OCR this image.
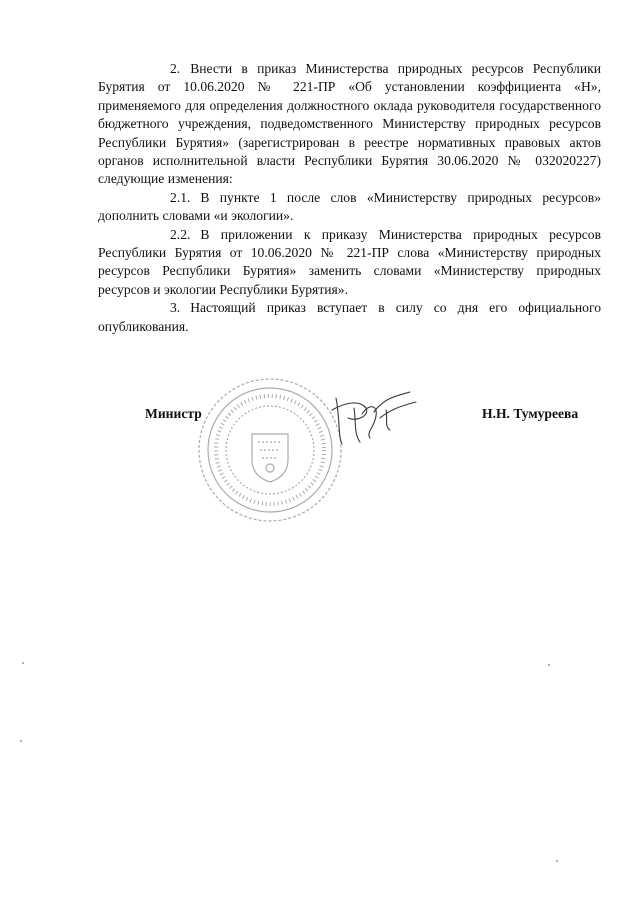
2. Внести в приказ Министерства природных ресурсов Республики Бурятия от 10.06.2020 № 221-ПР «Об установлении коэффициента «Н», применяемого для определения должностного оклада руководителя государственного бюджетного учреждения, подведомственного Министерству природных ресурсов Республики Бурятия» (зарегистрирован в реестре нормативных правовых актов органов исполнительной власти Республики Бурятия 30.06.2020 № 032020227) следующие изменения:

2.1. В пункте 1 после слов «Министерству природных ресурсов» дополнить словами «и экологии».

2.2. В приложении к приказу Министерства природных ресурсов Республики Бурятия от 10.06.2020 № 221-ПР слова «Министерству природных ресурсов Республики Бурятия» заменить словами «Министерству природных ресурсов и экологии Республики Бурятия».

3. Настоящий приказ вступает в силу со дня его официального опубликования.

Министр	Н.Н. Тумуреева
